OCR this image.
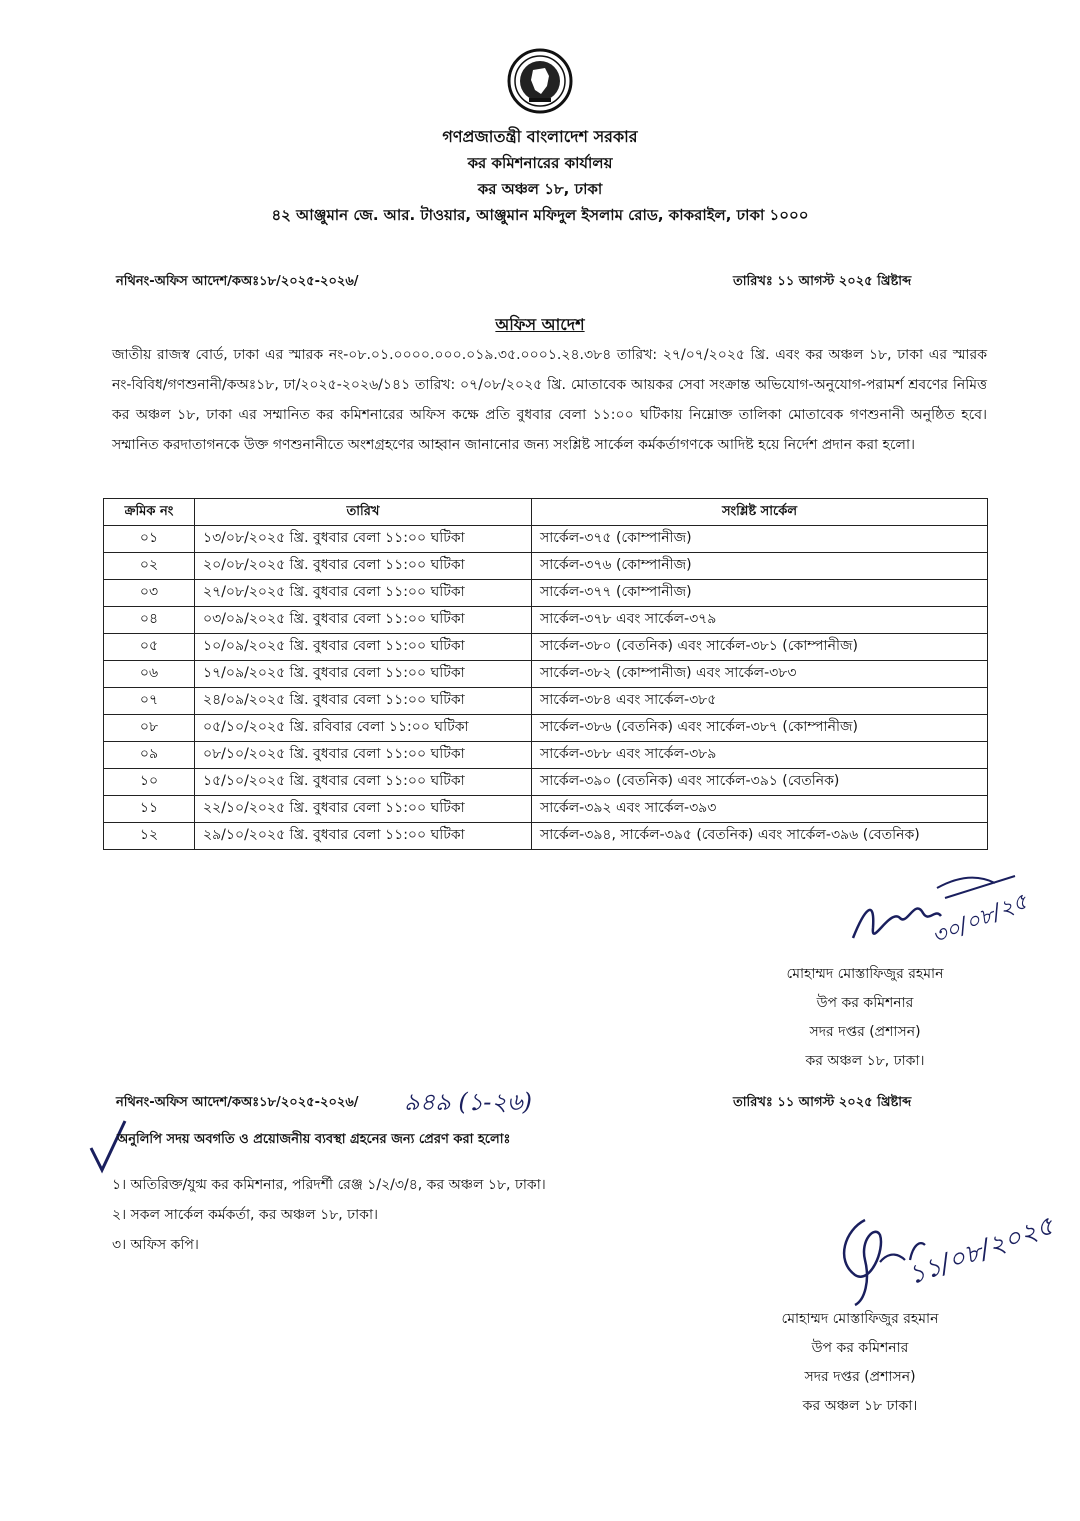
গণপ্রজাতন্ত্রী বাংলাদেশ সরকার
কর কমিশনারের কার্যালয়
কর অঞ্চল ১৮, ঢাকা
৪২ আঞ্জুমান জে. আর. টাওয়ার, আঞ্জুমান মফিদুল ইসলাম রোড, কাকরাইল, ঢাকা ১০০০
নথিনং-অফিস আদেশ/কঅঃ১৮/২০২৫-২০২৬/	তারিখঃ ১১ আগস্ট ২০২৫ খ্রিষ্টাব্দ
অফিস আদেশ
জাতীয় রাজস্ব বোর্ড, ঢাকা এর স্মারক নং-০৮.০১.০০০০.০০০.০১৯.৩৫.০০০১.২৪.৩৮৪ তারিখ: ২৭/০৭/২০২৫ খ্রি. এবং কর অঞ্চল ১৮, ঢাকা এর স্মারক নং-বিবিধ/গণশুনানী/কঅঃ১৮, ঢা/২০২৫-২০২৬/১৪১ তারিখ: ০৭/০৮/২০২৫ খ্রি. মোতাবেক আয়কর সেবা সংক্রান্ত অভিযোগ-অনুযোগ-পরামর্শ শ্রবণের নিমিত্ত কর অঞ্চল ১৮, ঢাকা এর সম্মানিত কর কমিশনারের অফিস কক্ষে প্রতি বুধবার বেলা ১১:০০ ঘটিকায় নিম্নোক্ত তালিকা মোতাবেক গণশুনানী অনুষ্ঠিত হবে। সম্মানিত করদাতাগনকে উক্ত গণশুনানীতে অংশগ্রহণের আহ্বান জানানোর জন্য সংশ্লিষ্ট সার্কেল কর্মকর্তাগণকে আদিষ্ট হয়ে নির্দেশ প্রদান করা হলো।
ক্রমিক নং	তারিখ	সংশ্লিষ্ট সার্কেল
০১	১৩/০৮/২০২৫ খ্রি. বুধবার বেলা ১১:০০ ঘটিকা	সার্কেল-৩৭৫ (কোম্পানীজ)
০২	২০/০৮/২০২৫ খ্রি. বুধবার বেলা ১১:০০ ঘটিকা	সার্কেল-৩৭৬ (কোম্পানীজ)
০৩	২৭/০৮/২০২৫ খ্রি. বুধবার বেলা ১১:০০ ঘটিকা	সার্কেল-৩৭৭ (কোম্পানীজ)
০৪	০৩/০৯/২০২৫ খ্রি. বুধবার বেলা ১১:০০ ঘটিকা	সার্কেল-৩৭৮ এবং সার্কেল-৩৭৯
০৫	১০/০৯/২০২৫ খ্রি. বুধবার বেলা ১১:০০ ঘটিকা	সার্কেল-৩৮০ (বেতনিক) এবং সার্কেল-৩৮১ (কোম্পানীজ)
০৬	১৭/০৯/২০২৫ খ্রি. বুধবার বেলা ১১:০০ ঘটিকা	সার্কেল-৩৮২ (কোম্পানীজ) এবং সার্কেল-৩৮৩
০৭	২৪/০৯/২০২৫ খ্রি. বুধবার বেলা ১১:০০ ঘটিকা	সার্কেল-৩৮৪ এবং সার্কেল-৩৮৫
০৮	০৫/১০/২০২৫ খ্রি. রবিবার বেলা ১১:০০ ঘটিকা	সার্কেল-৩৮৬ (বেতনিক) এবং সার্কেল-৩৮৭ (কোম্পানীজ)
০৯	০৮/১০/২০২৫ খ্রি. বুধবার বেলা ১১:০০ ঘটিকা	সার্কেল-৩৮৮ এবং সার্কেল-৩৮৯
১০	১৫/১০/২০২৫ খ্রি. বুধবার বেলা ১১:০০ ঘটিকা	সার্কেল-৩৯০ (বেতনিক) এবং সার্কেল-৩৯১ (বেতনিক)
১১	২২/১০/২০২৫ খ্রি. বুধবার বেলা ১১:০০ ঘটিকা	সার্কেল-৩৯২ এবং সার্কেল-৩৯৩
১২	২৯/১০/২০২৫ খ্রি. বুধবার বেলা ১১:০০ ঘটিকা	সার্কেল-৩৯৪, সার্কেল-৩৯৫ (বেতনিক) এবং সার্কেল-৩৯৬ (বেতনিক)
৩০/০৮/২৫
মোহাম্মদ মোস্তাফিজুর রহমান
উপ কর কমিশনার
সদর দপ্তর (প্রশাসন)
কর অঞ্চল ১৮, ঢাকা।
নথিনং-অফিস আদেশ/কঅঃ১৮/২০২৫-২০২৬/ ৯৪৯ (১-২৬)	তারিখঃ ১১ আগস্ট ২০২৫ খ্রিষ্টাব্দ
অনুলিপি সদয় অবগতি ও প্রয়োজনীয় ব্যবস্থা গ্রহনের জন্য প্রেরণ করা হলোঃ
১। অতিরিক্ত/যুগ্ম কর কমিশনার, পরিদর্শী রেঞ্জ ১/২/৩/৪, কর অঞ্চল ১৮, ঢাকা।
২। সকল সার্কেল কর্মকর্তা, কর অঞ্চল ১৮, ঢাকা।
৩। অফিস কপি।	১১/০৮/২০২৫
মোহাম্মদ মোস্তাফিজুর রহমান
উপ কর কমিশনার
সদর দপ্তর (প্রশাসন)
কর অঞ্চল ১৮ ঢাকা।
